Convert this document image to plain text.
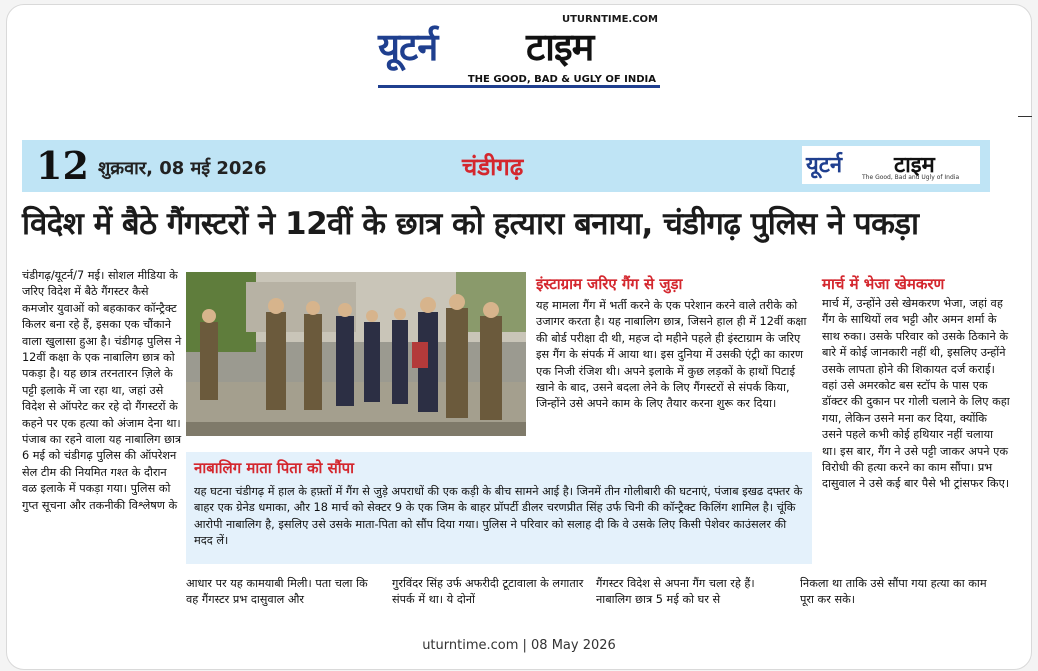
UTURNTIME.COM
यूटर्न टाइम
THE GOOD, BAD & UGLY OF INDIA
12 शुक्रवार, 08 मई 2026	चंडीगढ़	यूटर्न टाइम
The Good, Bad and Ugly of India
विदेश में बैठे गैंगस्टरों ने 12वीं के छात्र को हत्यारा बनाया, चंडीगढ़ पुलिस ने पकड़ा
चंडीगढ़/यूटर्न/7 मई। सोशल मीडिया के जरिए विदेश में बैठे गैंगस्टर कैसे कमजोर युवाओं को बहकाकर कॉन्ट्रैक्ट किलर बना रहे हैं, इसका एक चौंकाने वाला खुलासा हुआ है। चंडीगढ़ पुलिस ने 12वीं कक्षा के एक नाबालिग छात्र को पकड़ा है। यह छात्र तरनतारन ज़िले के पट्टी इलाके में जा रहा था, जहां उसे विदेश से ऑपरेट कर रहे दो गैंगस्टरों के कहने पर एक हत्या को अंजाम देना था। पंजाब का रहने वाला यह नाबालिग छात्र 6 मई को चंडीगढ़ पुलिस की ऑपरेशन सेल टीम की नियमित गश्त के दौरान वळ इलाके में पकड़ा गया। पुलिस को गुप्त सूचना और तकनीकी विश्लेषण के
इंस्टाग्राम जरिए गैंग से जुड़ा
यह मामला गैंग में भर्ती करने के एक परेशान करने वाले तरीके को उजागर करता है। यह नाबालिग छात्र, जिसने हाल ही में 12वीं कक्षा की बोर्ड परीक्षा दी थी, महज दो महीने पहले ही इंस्टाग्राम के जरिए इस गैंग के संपर्क में आया था। इस दुनिया में उसकी एंट्री का कारण एक निजी रंजिश थी। अपने इलाके में कुछ लड़कों के हाथों पिटाई खाने के बाद, उसने बदला लेने के लिए गैंगस्टरों से संपर्क किया, जिन्होंने उसे अपने काम के लिए तैयार करना शुरू कर दिया।
मार्च में भेजा खेमकरण
मार्च में, उन्होंने उसे खेमकरण भेजा, जहां वह गैंग के साथियों लव भट्टी और अमन शर्मा के साथ रुका। उसके परिवार को उसके ठिकाने के बारे में कोई जानकारी नहीं थी, इसलिए उन्होंने उसके लापता होने की शिकायत दर्ज कराई। वहां उसे अमरकोट बस स्टॉप के पास एक डॉक्टर की दुकान पर गोली चलाने के लिए कहा गया, लेकिन उसने मना कर दिया, क्योंकि उसने पहले कभी कोई हथियार नहीं चलाया था। इस बार, गैंग ने उसे पट्टी जाकर अपने एक विरोधी की हत्या करने का काम सौंपा। प्रभ दासुवाल ने उसे कई बार पैसे भी ट्रांसफर किए।
नाबालिग माता पिता को सौंपा
यह घटना चंडीगढ़ में हाल के हफ़्तों में गैंग से जुड़े अपराधों की एक कड़ी के बीच सामने आई है। जिनमें तीन गोलीबारी की घटनाएं, पंजाब इखढ दफ्तर के बाहर एक ग्रेनेड धमाका, और 18 मार्च को सेक्टर 9 के एक जिम के बाहर प्रॉपर्टी डीलर चरणप्रीत सिंह उर्फ चिनी की कॉन्ट्रैक्ट किलिंग शामिल है। चूंकि आरोपी नाबालिग है, इसलिए उसे उसके माता-पिता को सौंप दिया गया। पुलिस ने परिवार को सलाह दी कि वे उसके लिए किसी पेशेवर काउंसलर की मदद लें।
आधार पर यह कामयाबी मिली। पता चला कि वह गैंगस्टर प्रभ दासुवाल और
गुरविंदर सिंह उर्फ अफरीदी टूटावाला के लगातार संपर्क में था। ये दोनों
गैंगस्टर विदेश से अपना गैंग चला रहे हैं। नाबालिग छात्र 5 मई को घर से
निकला था ताकि उसे सौंपा गया हत्या का काम पूरा कर सके।
uturntime.com | 08 May 2026
